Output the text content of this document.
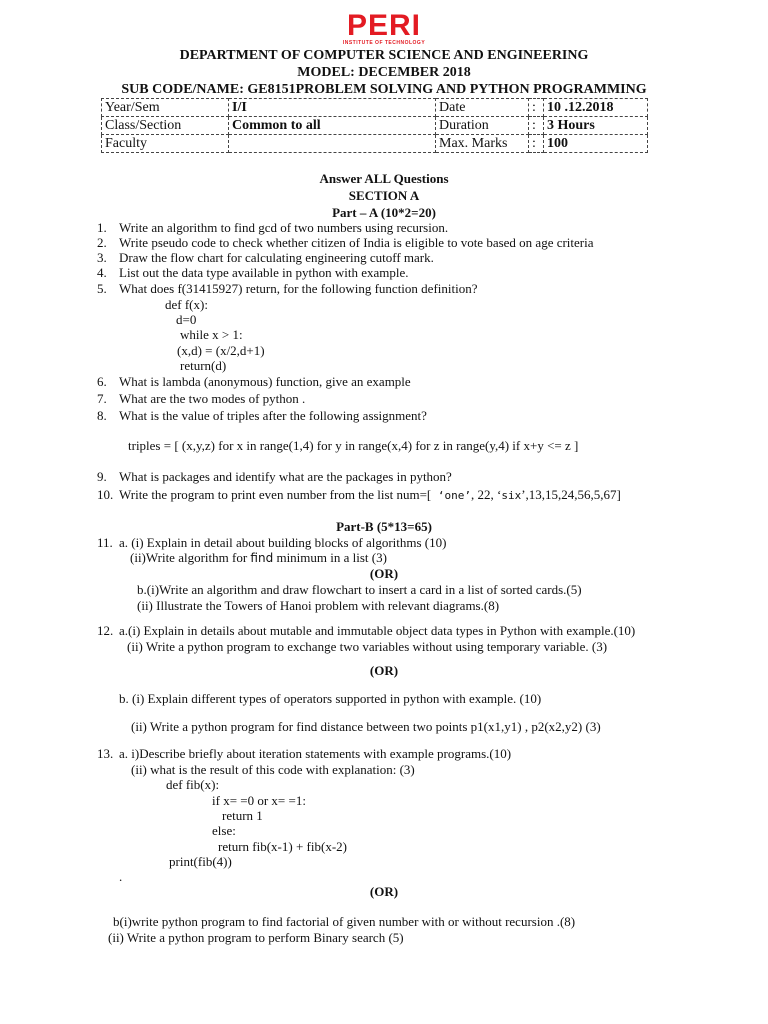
PERI
INSTITUTE OF TECHNOLOGY
DEPARTMENT OF COMPUTER SCIENCE AND ENGINEERING
MODEL: DECEMBER 2018
SUB CODE/NAME: GE8151PROBLEM SOLVING AND PYTHON PROGRAMMING
Year/Sem	I/I	Date	:	10 .12.2018
Class/Section	Common to all	Duration	:	3 Hours
Faculty		Max. Marks	:	100
Answer ALL Questions
SECTION A
Part – A (10*2=20)
1. Write an algorithm to find gcd of two numbers using recursion.
2. Write pseudo code to check whether citizen of India is eligible to vote based on age criteria
3. Draw the flow chart for calculating engineering cutoff mark.
4. List out the data type available in python with example.
5. What does f(31415927) return, for the following function definition?
def f(x):
d=0
while x > 1:
(x,d) = (x/2,d+1)
return(d)
6. What is lambda (anonymous) function, give an example
7. What are the two modes of python .
8. What is the value of triples after the following assignment?
triples = [ (x,y,z) for x in range(1,4) for y in range(x,4) for z in range(y,4) if x+y <= z ]
9. What is packages and identify what are the packages in python?
10. Write the program to print even number from the list num=[ ‘one’, 22, ‘six’,13,15,24,56,5,67]
Part-B (5*13=65)
11. a. (i) Explain in detail about building blocks of algorithms (10)
(ii)Write algorithm for find minimum in a list (3)
(OR)
b.(i)Write an algorithm and draw flowchart to insert a card in a list of sorted cards.(5)
(ii) Illustrate the Towers of Hanoi problem with relevant diagrams.(8)
12. a.(i) Explain in details about mutable and immutable object data types in Python with example.(10)
(ii) Write a python program to exchange two variables without using temporary variable. (3)
(OR)
b. (i) Explain different types of operators supported in python with example. (10)
(ii) Write a python program for find distance between two points p1(x1,y1) , p2(x2,y2) (3)
13. a. i)Describe briefly about iteration statements with example programs.(10)
(ii) what is the result of this code with explanation: (3)
def fib(x):
if x= =0 or x= =1:
return 1
else:
return fib(x-1) + fib(x-2)
print(fib(4))
.
(OR)
b(i)write python program to find factorial of given number with or without recursion .(8)
(ii) Write a python program to perform Binary search (5)
